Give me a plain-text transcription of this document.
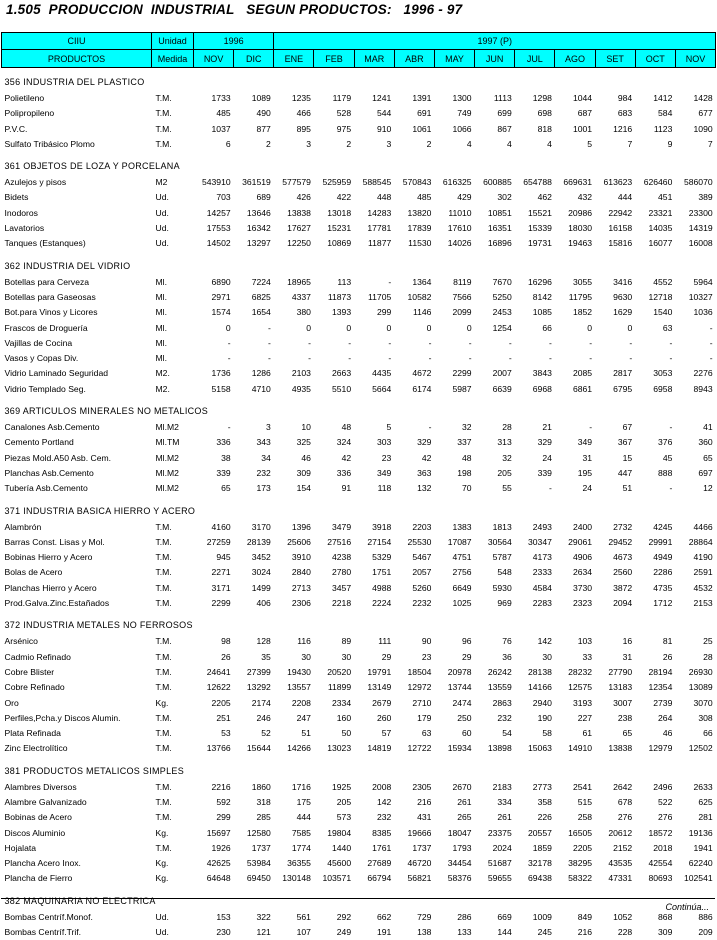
1.505  PRODUCCION  INDUSTRIAL   SEGUN PRODUCTOS:   1996 - 97
CIIU	Unidad	1996		1997 (P)										
PRODUCTOS	Medida	NOV	DIC	ENE	FEB	MAR	ABR	MAY	JUN	JUL	AGO	SET	OCT	NOV

356 INDUSTRIA DEL PLASTICO														
Polietileno	T.M.	1733	1089	1235	1179	1241	1391	1300	1113	1298	1044	984	1412	1428
Polipropileno	T.M.	485	490	466	528	544	691	749	699	698	687	683	584	677
P.V.C.	T.M.	1037	877	895	975	910	1061	1066	867	818	1001	1216	1123	1090
Sulfato Tribásico Plomo	T.M.	6	2	3	2	3	2	4	4	4	5	7	9	7

361 OBJETOS DE LOZA Y PORCELANA														
Azulejos y pisos	M2	543910	361519	577579	525959	588545	570843	616325	600885	654788	669631	613623	626460	586070
Bidets	Ud.	703	689	426	422	448	485	429	302	462	432	444	451	389
Inodoros	Ud.	14257	13646	13838	13018	14283	13820	11010	10851	15521	20986	22942	23321	23300
Lavatorios	Ud.	17553	16342	17627	15231	17781	17839	17610	16351	15339	18030	16158	14035	14319
Tanques (Estanques)	Ud.	14502	13297	12250	10869	11877	11530	14026	16896	19731	19463	15816	16077	16008

362 INDUSTRIA DEL VIDRIO														
Botellas para Cerveza	Ml.	6890	7224	18965	113	-	1364	8119	7670	16296	3055	3416	4552	5964
Botellas para Gaseosas	Ml.	2971	6825	4337	11873	11705	10582	7566	5250	8142	11795	9630	12718	10327
Bot.para Vinos y Licores	Ml.	1574	1654	380	1393	299	1146	2099	2453	1085	1852	1629	1540	1036
Frascos de Droguería	Ml.	0	-	0	0	0	0	0	1254	66	0	0	63	-
Vajillas de Cocina	Ml.	-	-	-	-	-	-	-	-	-	-	-	-	-
Vasos y Copas Div.	Ml.	-	-	-	-	-	-	-	-	-	-	-	-	-
Vidrio Laminado Seguridad	M2.	1736	1286	2103	2663	4435	4672	2299	2007	3843	2085	2817	3053	2276
Vidrio Templado Seg.	M2.	5158	4710	4935	5510	5664	6174	5987	6639	6968	6861	6795	6958	8943

369 ARTICULOS MINERALES NO METALICOS														
Canalones Asb.Cemento	Ml.M2	-	3	10	48	5	-	32	28	21	-	67	-	41
Cemento Portland	Ml.TM	336	343	325	324	303	329	337	313	329	349	367	376	360
Piezas Mold.A50 Asb. Cem.	Ml.M2	38	34	46	42	23	42	48	32	24	31	15	45	65
Planchas Asb.Cemento	Ml.M2	339	232	309	336	349	363	198	205	339	195	447	888	697
Tubería Asb.Cemento	Ml.M2	65	173	154	91	118	132	70	55	-	24	51	-	12

371 INDUSTRIA BASICA HIERRO Y ACERO														
Alambrón	T.M.	4160	3170	1396	3479	3918	2203	1383	1813	2493	2400	2732	4245	4466
Barras Const. Lisas y Mol.	T.M.	27259	28139	25606	27516	27154	25530	17087	30564	30347	29061	29452	29991	28864
Bobinas Hierro y Acero	T.M.	945	3452	3910	4238	5329	5467	4751	5787	4173	4906	4673	4949	4190
Bolas de Acero	T.M.	2271	3024	2840	2780	1751	2057	2756	548	2333	2634	2560	2286	2591
Planchas Hierro y Acero	T.M.	3171	1499	2713	3457	4988	5260	6649	5930	4584	3730	3872	4735	4532
Prod.Galva.Zinc.Estañados	T.M.	2299	406	2306	2218	2224	2232	1025	969	2283	2323	2094	1712	2153

372 INDUSTRIA METALES NO FERROSOS														
Arsénico	T.M.	98	128	116	89	111	90	96	76	142	103	16	81	25
Cadmio Refinado	T.M.	26	35	30	30	29	23	29	36	30	33	31	26	28
Cobre Blister	T.M.	24641	27399	19430	20520	19791	18504	20978	26242	28138	28232	27790	28194	26930
Cobre Refinado	T.M.	12622	13292	13557	11899	13149	12972	13744	13559	14166	12575	13183	12354	13089
Oro	Kg.	2205	2174	2208	2334	2679	2710	2474	2863	2940	3193	3007	2739	3070
Perfiles,Pcha.y Discos Alumin.	T.M.	251	246	247	160	260	179	250	232	190	227	238	264	308
Plata Refinada	T.M.	53	52	51	50	57	63	60	54	58	61	65	46	66
Zinc Electrolítico	T.M.	13766	15644	14266	13023	14819	12722	15934	13898	15063	14910	13838	12979	12502

381 PRODUCTOS METALICOS SIMPLES														
Alambres Diversos	T.M.	2216	1860	1716	1925	2008	2305	2670	2183	2773	2541	2642	2496	2633
Alambre Galvanizado	T.M.	592	318	175	205	142	216	261	334	358	515	678	522	625
Bobinas de Acero	T.M.	299	285	444	573	232	431	265	261	226	258	276	276	281
Discos Aluminio	Kg.	15697	12580	7585	19804	8385	19666	18047	23375	20557	16505	20612	18572	19136
Hojalata	T.M.	1926	1737	1774	1440	1761	1737	1793	2024	1859	2205	2152	2018	1941
Plancha Acero Inox.	Kg.	42625	53984	36355	45600	27689	46720	34454	51687	32178	38295	43535	42554	62240
Plancha de Fierro	Kg.	64648	69450	130148	103571	66794	56821	58376	59655	69438	58322	47331	80693	102541

382 MAQUINARIA NO ELECTRICA														
Bombas Centríf.Monof.	Ud.	153	322	561	292	662	729	286	669	1009	849	1052	868	886
Bombas Centríf.Trif.	Ud.	230	121	107	249	191	138	133	144	245	216	228	309	209
Continúa...
